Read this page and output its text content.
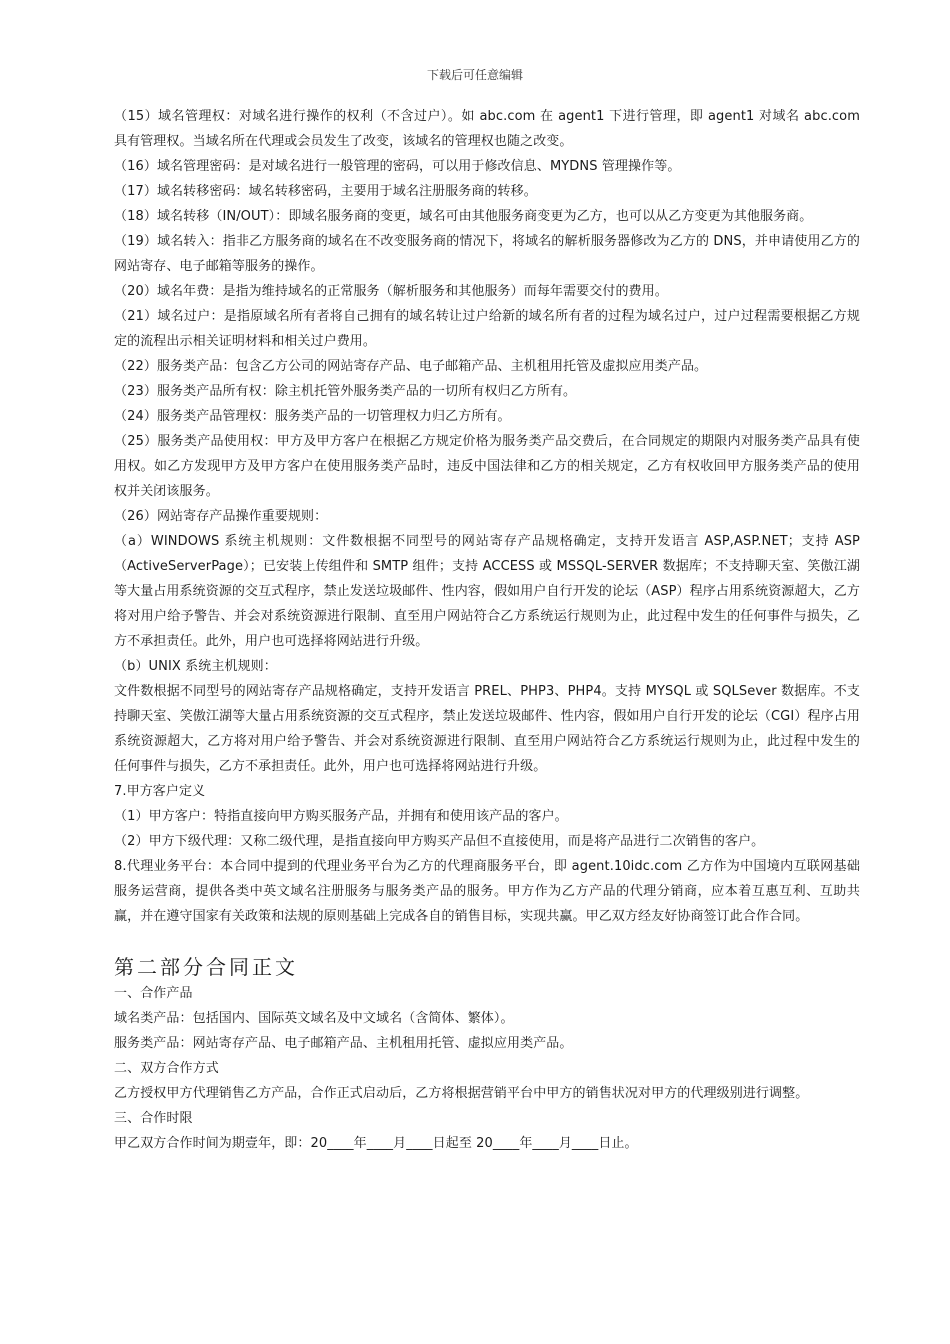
下载后可任意编辑

（15）域名管理权：对域名进行操作的权利（不含过户）。如 abc.com 在 agent1 下进行管理，即 agent1 对域名 abc.com 具有管理权。当域名所在代理或会员发生了改变，该域名的管理权也随之改变。

（16）域名管理密码：是对域名进行一般管理的密码，可以用于修改信息、MYDNS 管理操作等。

（17）域名转移密码：域名转移密码，主要用于域名注册服务商的转移。

（18）域名转移（IN/OUT）：即域名服务商的变更，域名可由其他服务商变更为乙方，也可以从乙方变更为其他服务商。

（19）域名转入：指非乙方服务商的域名在不改变服务商的情况下，将域名的解析服务器修改为乙方的 DNS，并申请使用乙方的网站寄存、电子邮箱等服务的操作。

（20）域名年费：是指为维持域名的正常服务（解析服务和其他服务）而每年需要交付的费用。

（21）域名过户：是指原域名所有者将自己拥有的域名转让过户给新的域名所有者的过程为域名过户，过户过程需要根据乙方规定的流程出示相关证明材料和相关过户费用。

（22）服务类产品：包含乙方公司的网站寄存产品、电子邮箱产品、主机租用托管及虚拟应用类产品。

（23）服务类产品所有权：除主机托管外服务类产品的一切所有权归乙方所有。

（24）服务类产品管理权：服务类产品的一切管理权力归乙方所有。

（25）服务类产品使用权：甲方及甲方客户在根据乙方规定价格为服务类产品交费后，在合同规定的期限内对服务类产品具有使用权。如乙方发现甲方及甲方客户在使用服务类产品时，违反中国法律和乙方的相关规定，乙方有权收回甲方服务类产品的使用权并关闭该服务。

（26）网站寄存产品操作重要规则：

（a）WINDOWS 系统主机规则：文件数根据不同型号的网站寄存产品规格确定，支持开发语言 ASP,ASP.NET；支持 ASP（ActiveServerPage）；已安装上传组件和 SMTP 组件；支持 ACCESS 或 MSSQL-SERVER 数据库；不支持聊天室、笑傲江湖等大量占用系统资源的交互式程序，禁止发送垃圾邮件、性内容，假如用户自行开发的论坛（ASP）程序占用系统资源超大，乙方将对用户给予警告、并会对系统资源进行限制、直至用户网站符合乙方系统运行规则为止，此过程中发生的任何事件与损失，乙方不承担责任。此外，用户也可选择将网站进行升级。

（b）UNIX 系统主机规则：

文件数根据不同型号的网站寄存产品规格确定，支持开发语言 PREL、PHP3、PHP4。支持 MYSQL 或 SQLSever 数据库。不支持聊天室、笑傲江湖等大量占用系统资源的交互式程序，禁止发送垃圾邮件、性内容，假如用户自行开发的论坛（CGI）程序占用系统资源超大，乙方将对用户给予警告、并会对系统资源进行限制、直至用户网站符合乙方系统运行规则为止，此过程中发生的任何事件与损失，乙方不承担责任。此外，用户也可选择将网站进行升级。

7.甲方客户定义

（1）甲方客户：特指直接向甲方购买服务产品，并拥有和使用该产品的客户。

（2）甲方下级代理：又称二级代理，是指直接向甲方购买产品但不直接使用，而是将产品进行二次销售的客户。

8.代理业务平台：本合同中提到的代理业务平台为乙方的代理商服务平台，即 agent.10idc.com 乙方作为中国境内互联网基础服务运营商，提供各类中英文域名注册服务与服务类产品的服务。甲方作为乙方产品的代理分销商，应本着互惠互利、互助共赢，并在遵守国家有关政策和法规的原则基础上完成各自的销售目标，实现共赢。甲乙双方经友好协商签订此合作合同。

第二部分合同正文

一、合作产品

域名类产品：包括国内、国际英文域名及中文域名（含简体、繁体）。

服务类产品：网站寄存产品、电子邮箱产品、主机租用托管、虚拟应用类产品。

二、双方合作方式

乙方授权甲方代理销售乙方产品，合作正式启动后，乙方将根据营销平台中甲方的销售状况对甲方的代理级别进行调整。

三、合作时限

甲乙双方合作时间为期壹年，即：20____年____月____日起至 20____年____月____日止。
